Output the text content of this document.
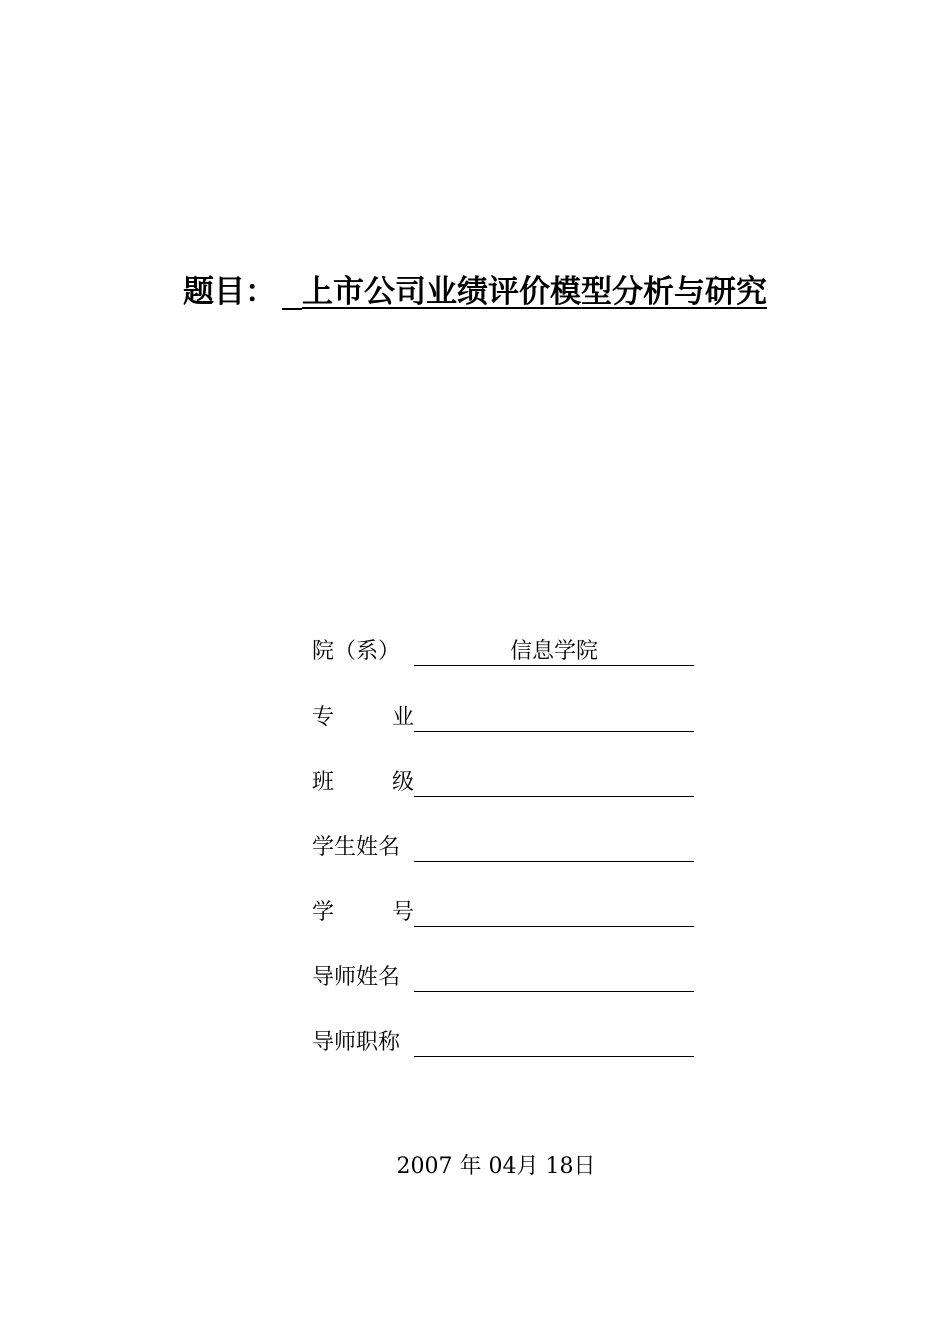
题目： 上市公司业绩评价模型分析与研究
院（系）	信息学院
专	业
班	级
学生姓名
学	号
导师姓名
导师职称
2007 年 04月 18日
